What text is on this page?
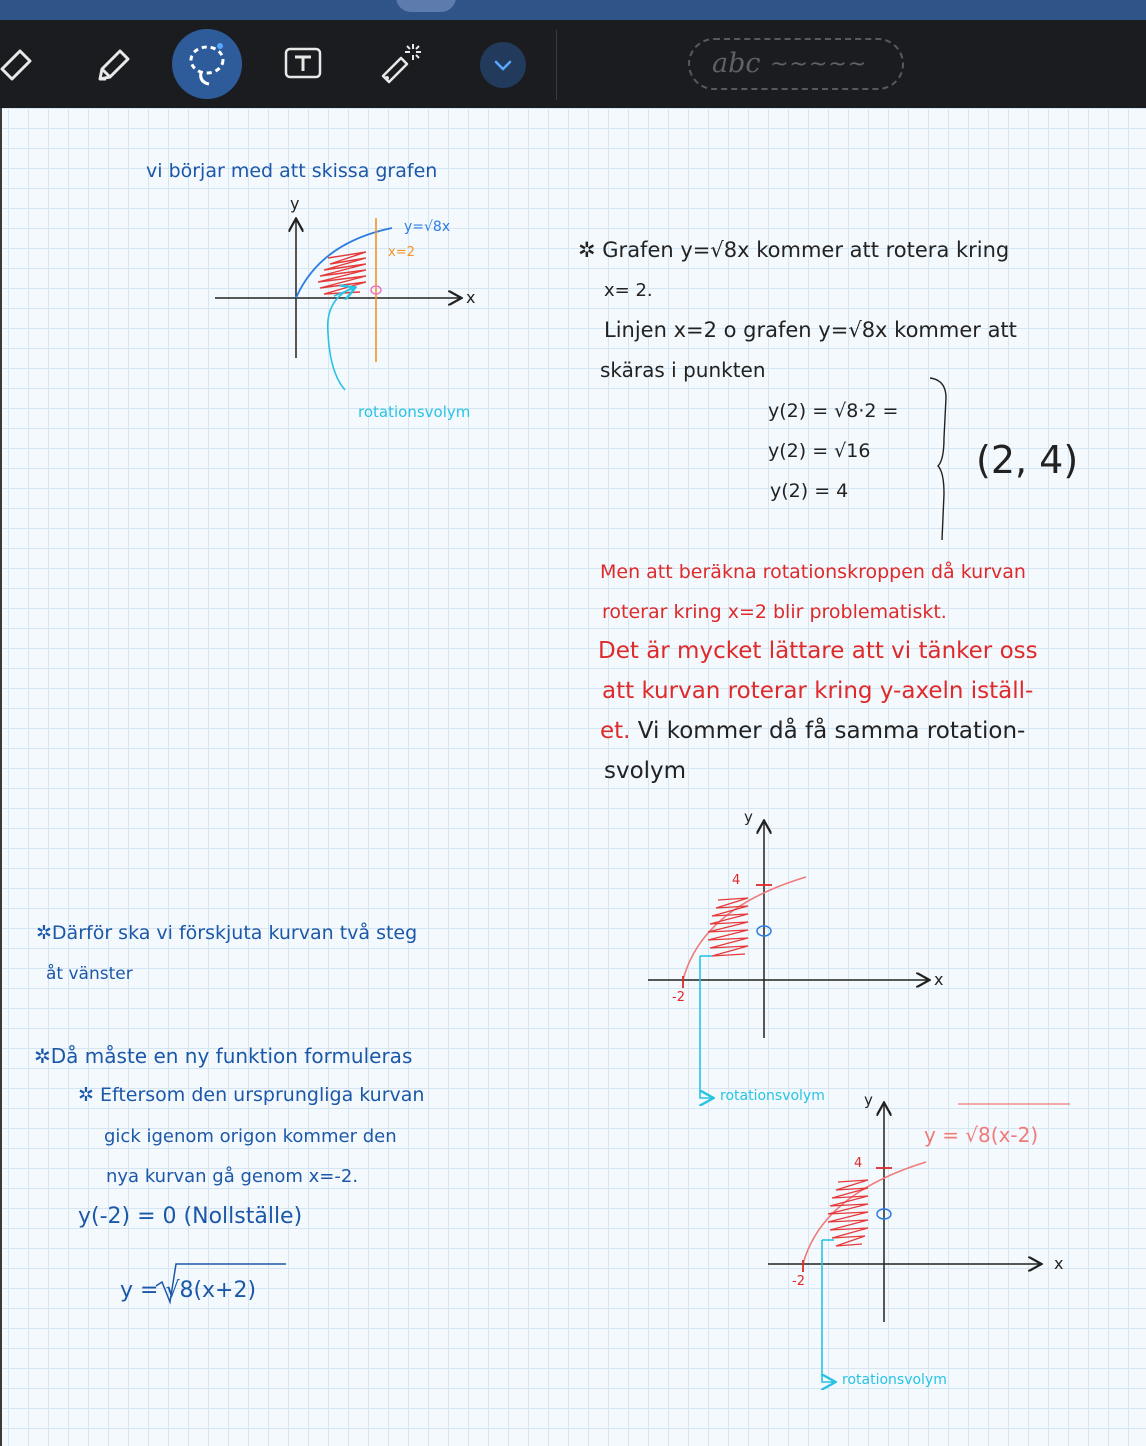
abc ~~~~~
vi börjar med att skissa grafen
y
x
y=√8x
x=2
rotationsvolym
✲ Grafen y=√8x kommer att rotera kring
x= 2.
Linjen x=2 o grafen y=√8x kommer att
skäras i punkten
y(2) = √8·2 =
y(2) = √16
y(2) = 4
(2, 4)
Men att beräkna rotationskroppen då kurvan
roterar kring x=2 blir problematiskt.
Det är mycket lättare att vi tänker oss
att kurvan roterar kring y-axeln iställ-
et. Vi kommer då få samma rotation-
svolym
y
x
4
-2
rotationsvolym	y
x
4
-2
y = √8(x-2)
rotationsvolym
✲Därför ska vi förskjuta kurvan två steg
åt vänster
✲Då måste en ny funktion formuleras
✲ Eftersom den ursprungliga kurvan
gick igenom origon kommer den
nya kurvan gå genom x=-2.
y(-2) = 0 (Nollställe)
y = √8(x+2)
